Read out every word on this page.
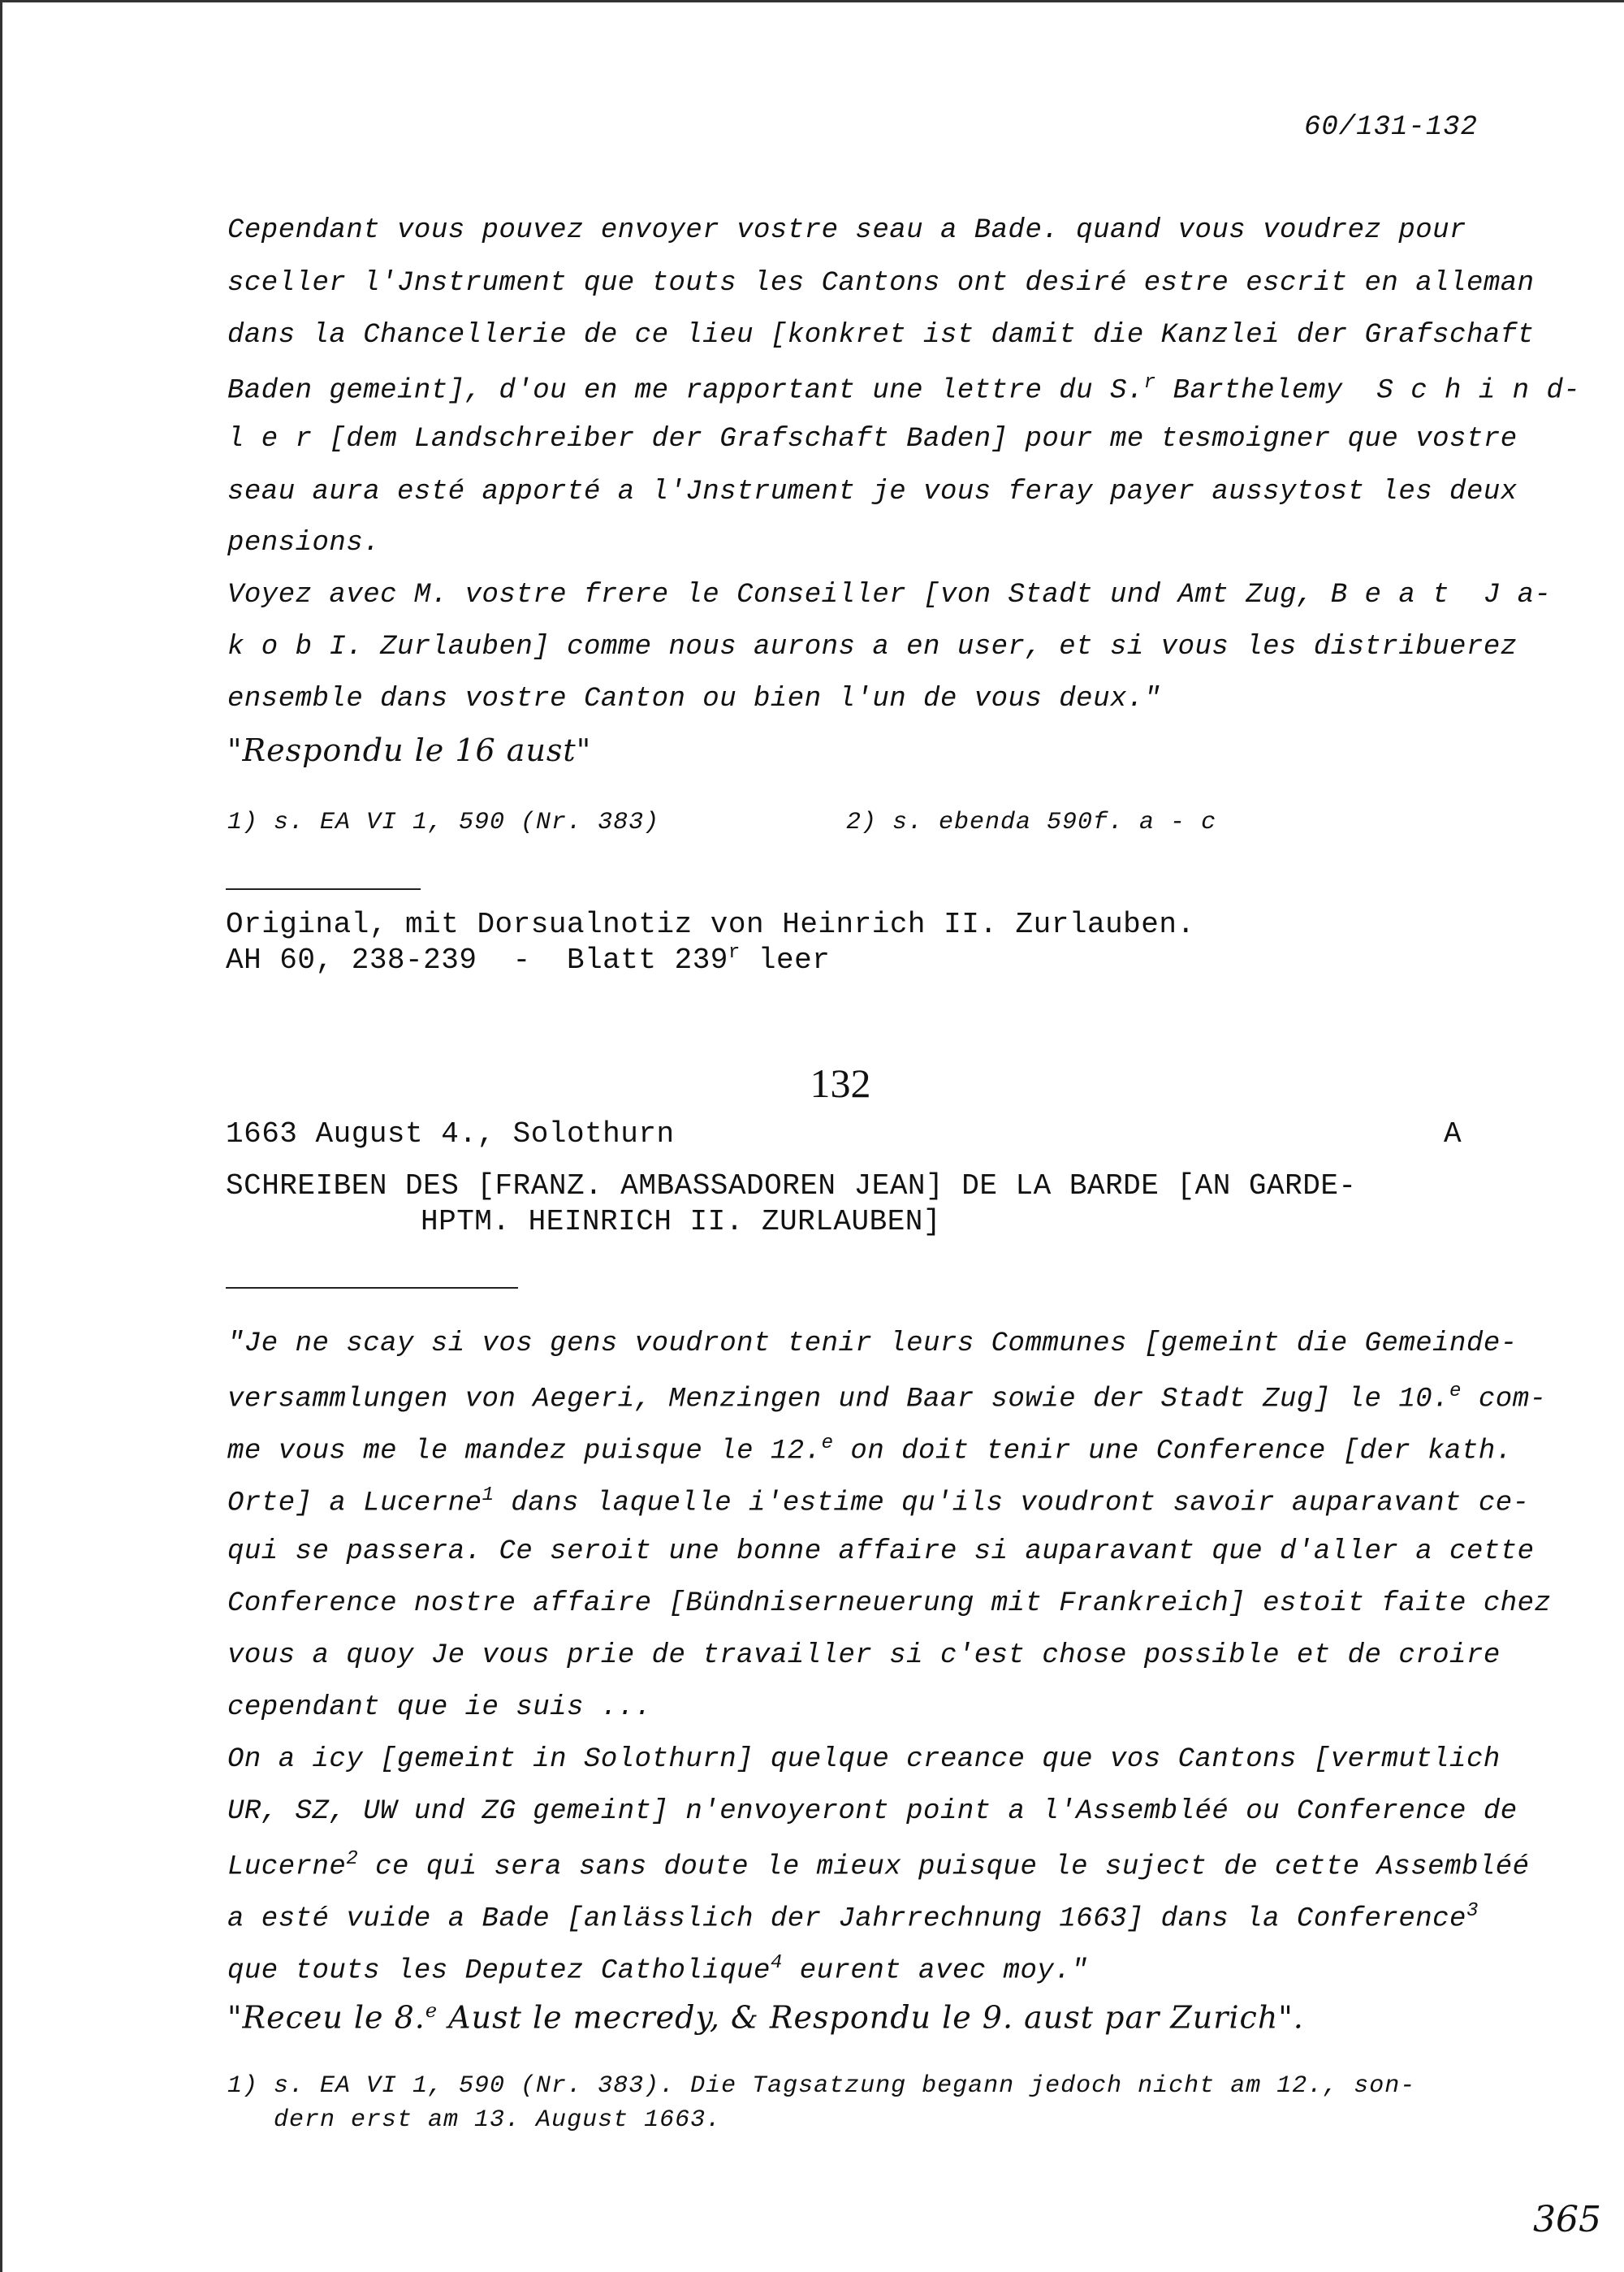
60/131-132
Cependant vous pouvez envoyer vostre seau a Bade. quand vous voudrez pour
sceller l'Jnstrument que touts les Cantons ont desiré estre escrit en alleman
dans la Chancellerie de ce lieu [konkret ist damit die Kanzlei der Grafschaft
Baden gemeint], d'ou en me rapportant une lettre du S.$^r$ Barthelemy  S c h i n d-
l e r [dem Landschreiber der Grafschaft Baden] pour me tesmoigner que vostre
seau aura esté apporté a l'Jnstrument je vous feray payer aussytost les deux
pensions.
Voyez avec M. vostre frere le Conseiller [von Stadt und Amt Zug, B e a t  J a-
k o b I. Zurlauben] comme nous aurons a en user, et si vous les distribuerez
ensemble dans vostre Canton ou bien l'un de vous deux."
"Respondu le 16 aust"
1) s. EA VI 1, 590 (Nr. 383)	2) s. ebenda 590f. a - c
Original, mit Dorsualnotiz von Heinrich II. Zurlauben.
AH 60, 238-239  -  Blatt 239$^r$ leer
132
1663 August 4., Solothurn	A
SCHREIBEN DES [FRANZ. AMBASSADOREN JEAN] DE LA BARDE [AN GARDE-
HPTM. HEINRICH II. ZURLAUBEN]
"Je ne scay si vos gens voudront tenir leurs Communes [gemeint die Gemeinde-
versammlungen von Aegeri, Menzingen und Baar sowie der Stadt Zug] le 10.$^e$ com-
me vous me le mandez puisque le 12.$^e$ on doit tenir une Conference [der kath.
Orte] a Lucerne$^1$ dans laquelle i'estime qu'ils voudront savoir auparavant ce-
qui se passera. Ce seroit une bonne affaire si auparavant que d'aller a cette
Conference nostre affaire [Bündniserneuerung mit Frankreich] estoit faite chez
vous a quoy Je vous prie de travailler si c'est chose possible et de croire
cependant que ie suis ...
On a icy [gemeint in Solothurn] quelque creance que vos Cantons [vermutlich
UR, SZ, UW und ZG gemeint] n'envoyeront point a l'Assembléé ou Conference de
Lucerne$^2$ ce qui sera sans doute le mieux puisque le suject de cette Assembléé
a esté vuide a Bade [anlässlich der Jahrrechnung 1663] dans la Conference$^3$
que touts les Deputez Catholique$^4$ eurent avec moy."
"Receu le 8.$^e$ Aust le mecredy, & Respondu le 9. aust par Zurich".
1) s. EA VI 1, 590 (Nr. 383). Die Tagsatzung begann jedoch nicht am 12., son-
dern erst am 13. August 1663.
365
